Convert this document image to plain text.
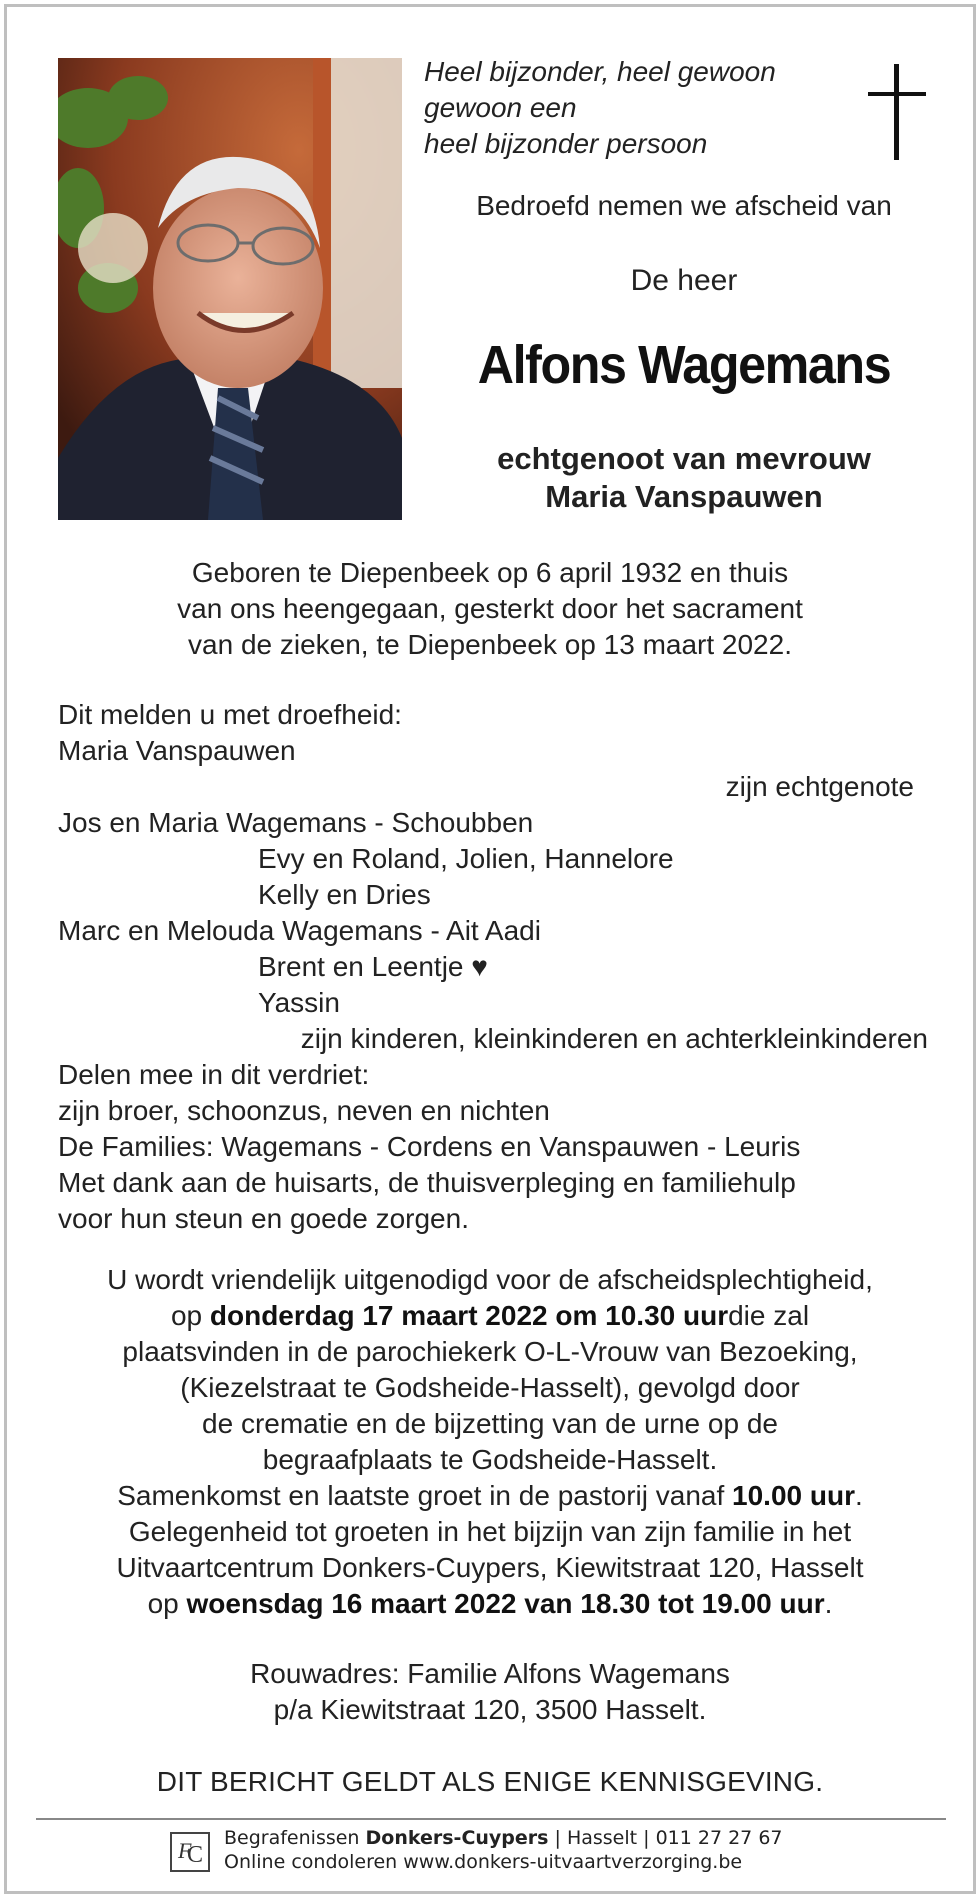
Heel bijzonder, heel gewoon
gewoon een
heel bijzonder persoon
Bedroefd nemen we afscheid van
De heer
Alfons Wagemans
echtgenoot van mevrouw
Maria Vanspauwen
Geboren te Diepenbeek op 6 april 1932 en thuis
van ons heengegaan, gesterkt door het sacrament
van de zieken, te Diepenbeek op 13 maart 2022.
Dit melden u met droefheid:
Maria Vanspauwen
zijn echtgenote
Jos en Maria Wagemans - Schoubben
Evy en Roland, Jolien, Hannelore
Kelly en Dries
Marc en Melouda Wagemans - Ait Aadi
Brent en Leentje ♥
Yassin
zijn kinderen, kleinkinderen en achterkleinkinderen
Delen mee in dit verdriet:
zijn broer, schoonzus, neven en nichten
De Families: Wagemans - Cordens en Vanspauwen - Leuris
Met dank aan de huisarts, de thuisverpleging en familiehulp
voor hun steun en goede zorgen.
U wordt vriendelijk uitgenodigd voor de afscheidsplechtigheid,
op donderdag 17 maart 2022 om 10.30 uurdie zal
plaatsvinden in de parochiekerk O-L-Vrouw van Bezoeking,
(Kiezelstraat te Godsheide-Hasselt), gevolgd door
de crematie en de bijzetting van de urne op de
begraafplaats te Godsheide-Hasselt.
Samenkomst en laatste groet in de pastorij vanaf 10.00 uur.
Gelegenheid tot groeten in het bijzijn van zijn familie in het
Uitvaartcentrum Donkers-Cuypers, Kiewitstraat 120, Hasselt
op woensdag 16 maart 2022 van 18.30 tot 19.00 uur.
Rouwadres: Familie Alfons Wagemans
p/a Kiewitstraat 120, 3500 Hasselt.
DIT BERICHT GELDT ALS ENIGE KENNISGEVING.
F
C
Begrafenissen Donkers-Cuypers | Hasselt | 011 27 27 67
Online condoleren www.donkers-uitvaartverzorging.be
